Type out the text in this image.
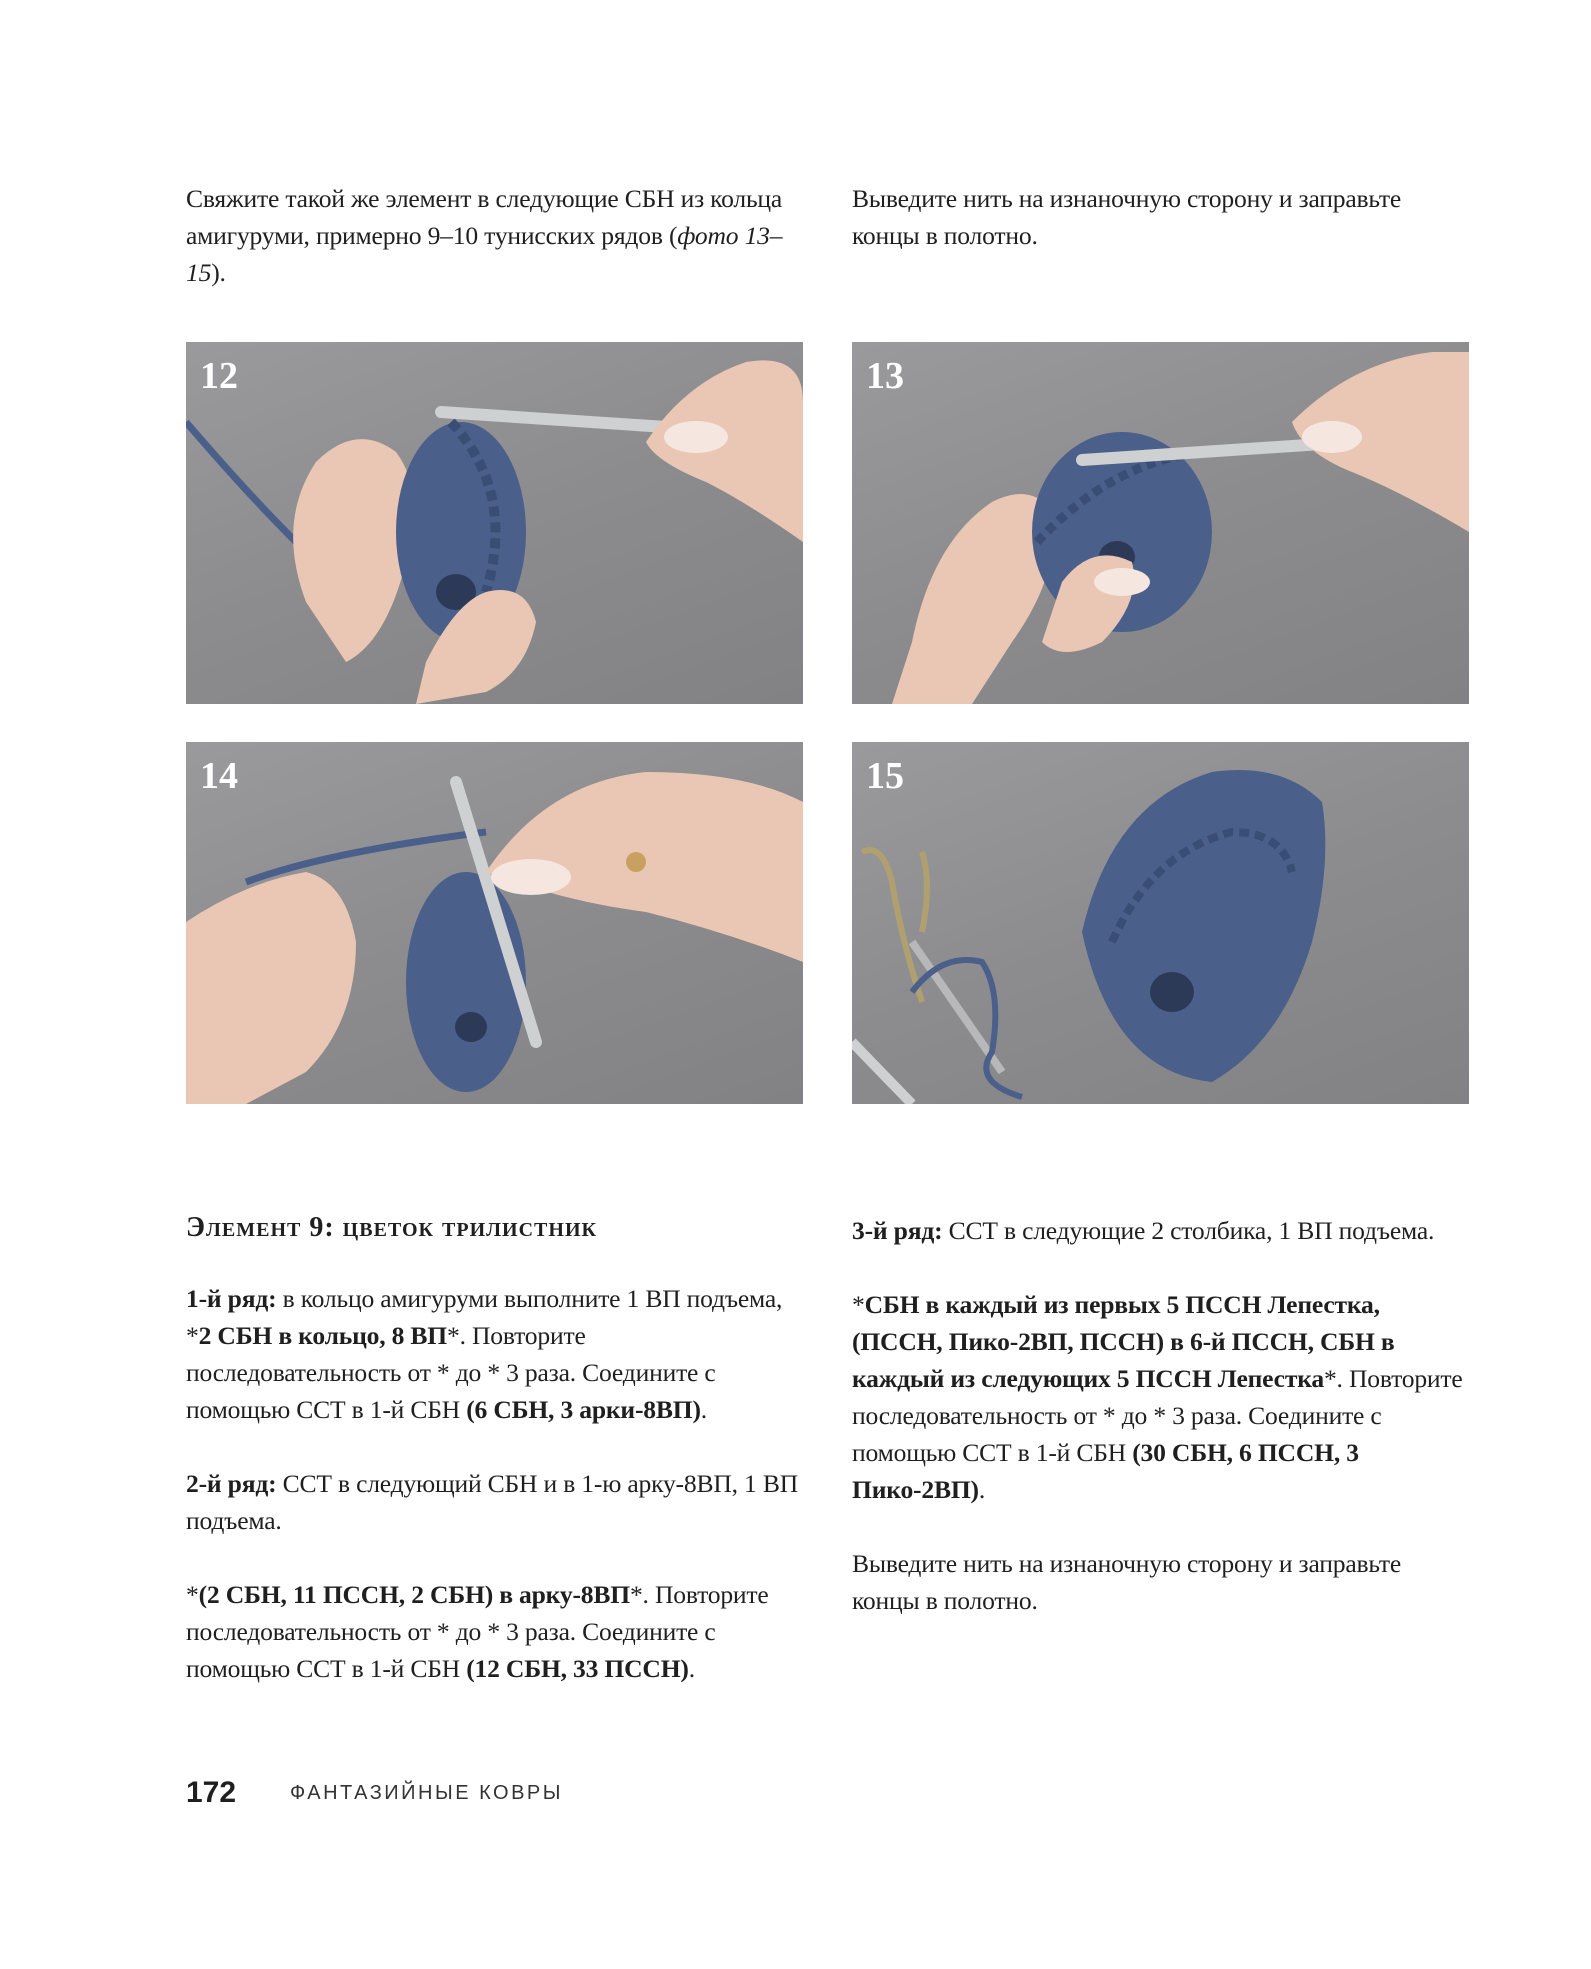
Свяжите такой же элемент в следующие СБН из кольца амигуруми, примерно 9–10 тунисских рядов (фото 13–15).

Выведите нить на изнаночную сторону и заправьте концы в полотно.

12	13
14	15
Элемент 9: цветок трилистник

1-й ряд: в кольцо амигуруми выполните 1 ВП подъема, *2 СБН в кольцо, 8 ВП*. Повторите последовательность от * до * 3 раза. Соедините с помощью ССТ в 1-й СБН (6 СБН, 3 арки-8ВП).

2-й ряд: ССТ в следующий СБН и в 1-ю арку-8ВП, 1 ВП подъема.

*(2 СБН, 11 ПССН, 2 СБН) в арку-8ВП*. Повторите последовательность от * до * 3 раза. Соедините с помощью ССТ в 1-й СБН (12 СБН, 33 ПССН).

3-й ряд: ССТ в следующие 2 столбика, 1 ВП подъема.

*СБН в каждый из первых 5 ПССН Лепестка, (ПССН, Пико-2ВП, ПССН) в 6-й ПССН, СБН в каждый из следующих 5 ПССН Лепестка*. Повторите последовательность от * до * 3 раза. Соедините с помощью ССТ в 1-й СБН (30 СБН, 6 ПССН, 3 Пико-2ВП).

Выведите нить на изнаночную сторону и заправьте концы в полотно.

172	ФАНТАЗИЙНЫЕ КОВРЫ
